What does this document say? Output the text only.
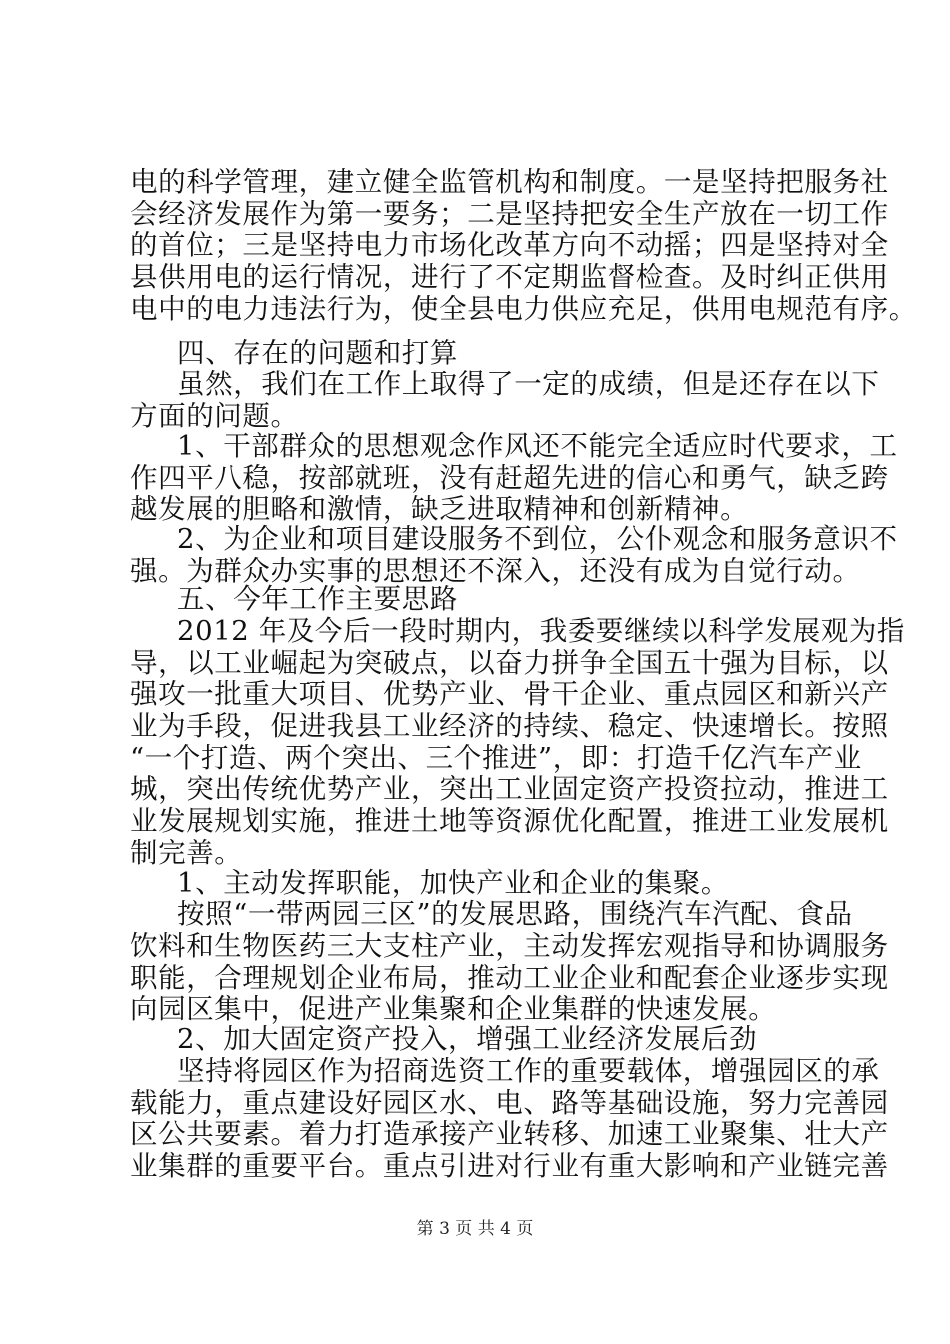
电的科学管理，建立健全监管机构和制度。一是坚持把服务社
会经济发展作为第一要务；二是坚持把安全生产放在一切工作
的首位；三是坚持电力市场化改革方向不动摇；四是坚持对全
县供用电的运行情况，进行了不定期监督检查。及时纠正供用
电中的电力违法行为，使全县电力供应充足，供用电规范有序。
四、存在的问题和打算
虽然，我们在工作上取得了一定的成绩，但是还存在以下
方面的问题。
1、干部群众的思想观念作风还不能完全适应时代要求，工
作四平八稳，按部就班，没有赶超先进的信心和勇气，缺乏跨
越发展的胆略和激情，缺乏进取精神和创新精神。
2、为企业和项目建设服务不到位，公仆观念和服务意识不
强。为群众办实事的思想还不深入，还没有成为自觉行动。
五、今年工作主要思路
2012 年及今后一段时期内，我委要继续以科学发展观为指
导，以工业崛起为突破点，以奋力拼争全国五十强为目标，以
强攻一批重大项目、优势产业、骨干企业、重点园区和新兴产
业为手段，促进我县工业经济的持续、稳定、快速增长。按照
“一个打造、两个突出、三个推进”，即：打造千亿汽车产业
城，突出传统优势产业，突出工业固定资产投资拉动，推进工
业发展规划实施，推进土地等资源优化配置，推进工业发展机
制完善。
1、主动发挥职能，加快产业和企业的集聚。
按照“一带两园三区”的发展思路，围绕汽车汽配、食品
饮料和生物医药三大支柱产业，主动发挥宏观指导和协调服务
职能，合理规划企业布局，推动工业企业和配套企业逐步实现
向园区集中，促进产业集聚和企业集群的快速发展。
2、加大固定资产投入，增强工业经济发展后劲
坚持将园区作为招商选资工作的重要载体，增强园区的承
载能力，重点建设好园区水、电、路等基础设施，努力完善园
区公共要素。着力打造承接产业转移、加速工业聚集、壮大产
业集群的重要平台。重点引进对行业有重大影响和产业链完善
第 3 页 共 4 页
